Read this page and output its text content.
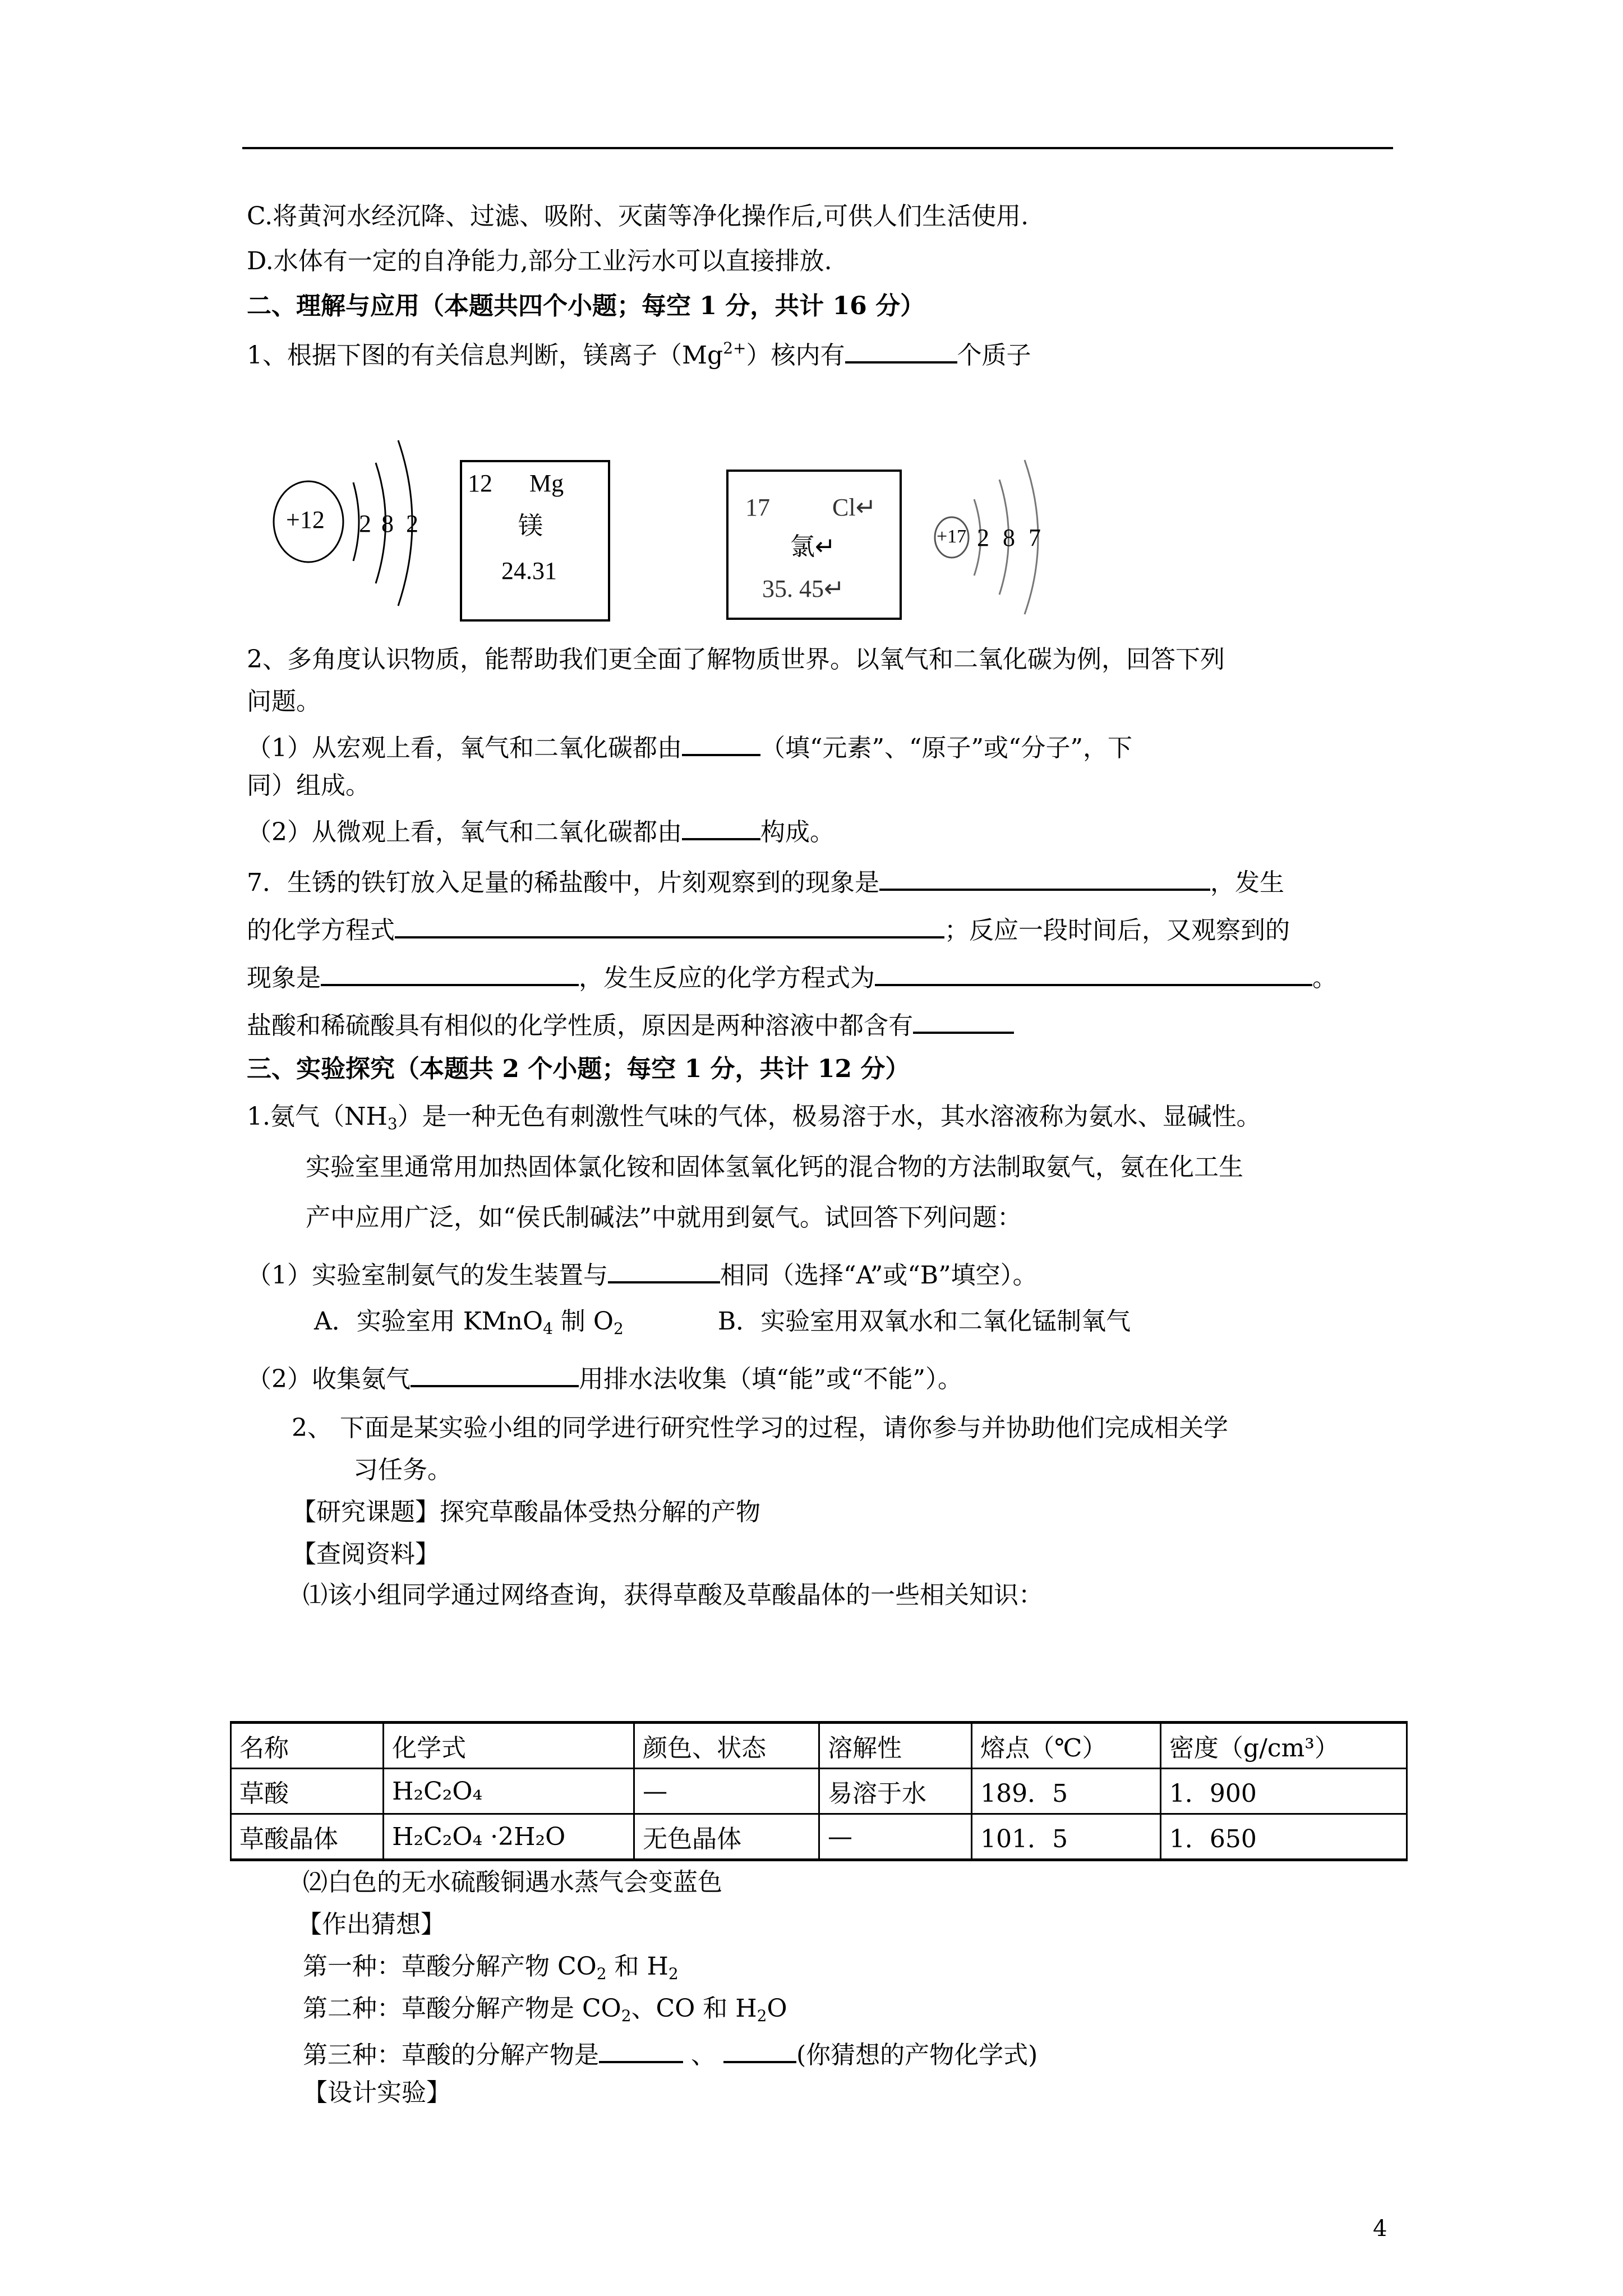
C.将黄河水经沉降、过滤、吸附、灭菌等净化操作后,可供人们生活使用.
D.水体有一定的自净能力,部分工业污水可以直接排放.
二、理解与应用（本题共四个小题；每空 1 分，共计 16 分）
1、根据下图的有关信息判断，镁离子$(Mg^{2+})$核内有	个质子
+12 2 8 2
12 Mg
镁
24.31
17	Cl↵
氯↵
35. 45↵
+17 2 8 7
2、多角度认识物质，能帮助我们更全面了解物质世界。以氧气和二氧化碳为例，回答下列
问题。
（1）从宏观上看，氧气和二氧化碳都由	（填“元素”、“原子”或“分子”，下
同）组成。
（2）从微观上看，氧气和二氧化碳都由	构成。
7．生锈的铁钉放入足量的稀盐酸中，片刻观察到的现象是	，发生
的化学方程式	；反应一段时间后，又观察到的
现象是	，发生反应的化学方程式为	。
盐酸和稀硫酸具有相似的化学性质，原因是两种溶液中都含有
三、实验探究（本题共 2 个小题；每空 1 分，共计 12 分）
1.氨气$(NH_3)$是一种无色有刺激性气味的气体，极易溶于水，其水溶液称为氨水、显碱性。
实验室里通常用加热固体氯化铵和固体氢氧化钙的混合物的方法制取氨气，氨在化工生
产中应用广泛，如“侯氏制碱法”中就用到氨气。试回答下列问题：
（1）实验室制氨气的发生装置与	相同（选择“A”或“B”填空）。
A．实验室用 KMnO$_4$ 制 $O_2$	B．实验室用双氧水和二氧化锰制氧气
（2）收集氨气	用排水法收集（填“能”或“不能”）。
2、 下面是某实验小组的同学进行研究性学习的过程，请你参与并协助他们完成相关学
习任务。
【研究课题】探究草酸晶体受热分解的产物
【查阅资料】
⑴该小组同学通过网络查询，获得草酸及草酸晶体的一些相关知识：
名称	化学式	颜色、状态	溶解性	熔点（℃）	密度（g/cm³）
草酸	H₂C₂O₄	—	易溶于水	189．5	1．900
草酸晶体	H₂C₂O₄ ·2H₂O	无色晶体	—	101．5	1．650
⑵白色的无水硫酸铜遇水蒸气会变蓝色
【作出猜想】
第一种：草酸分解产物 $CO_2$ 和 $H_2$
第二种：草酸分解产物是 $CO_2$、CO 和 $H_2O$
第三种：草酸的分解产物是	、	(你猜想的产物化学式)
【设计实验】
4
